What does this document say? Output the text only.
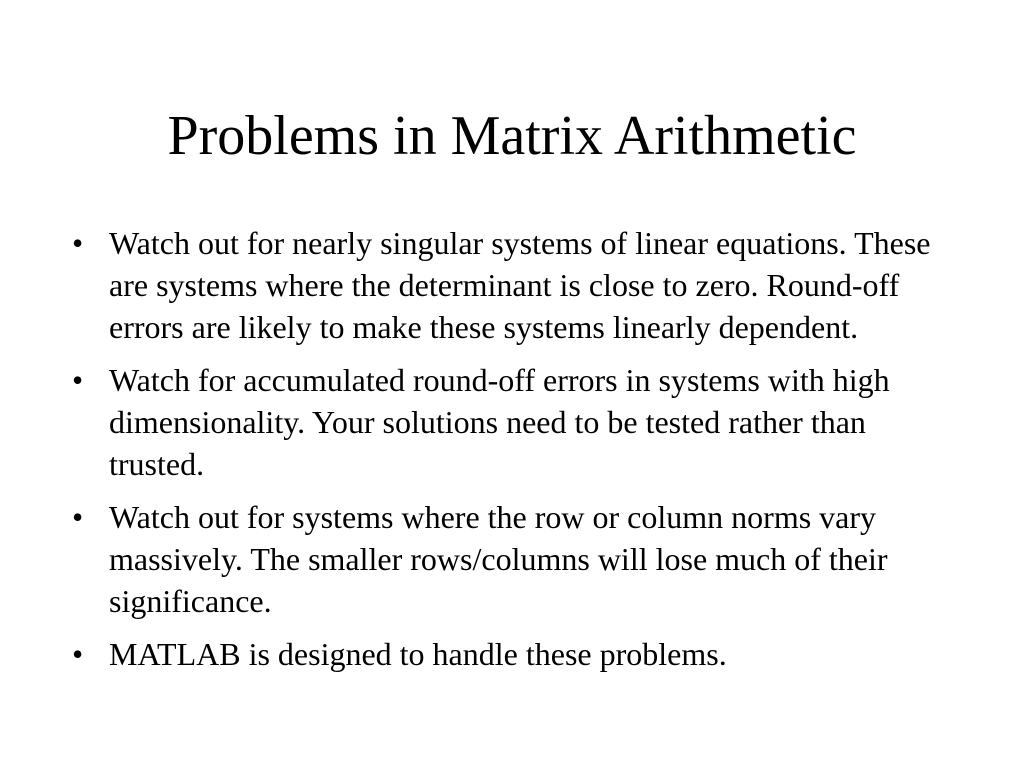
Problems in Matrix Arithmetic
• Watch out for nearly singular systems of linear equations. These are systems where the determinant is close to zero. Round-off errors are likely to make these systems linearly dependent.
• Watch for accumulated round-off errors in systems with high dimensionality. Your solutions need to be tested rather than trusted.
• Watch out for systems where the row or column norms vary massively. The smaller rows/columns will lose much of their significance.
• MATLAB is designed to handle these problems.
